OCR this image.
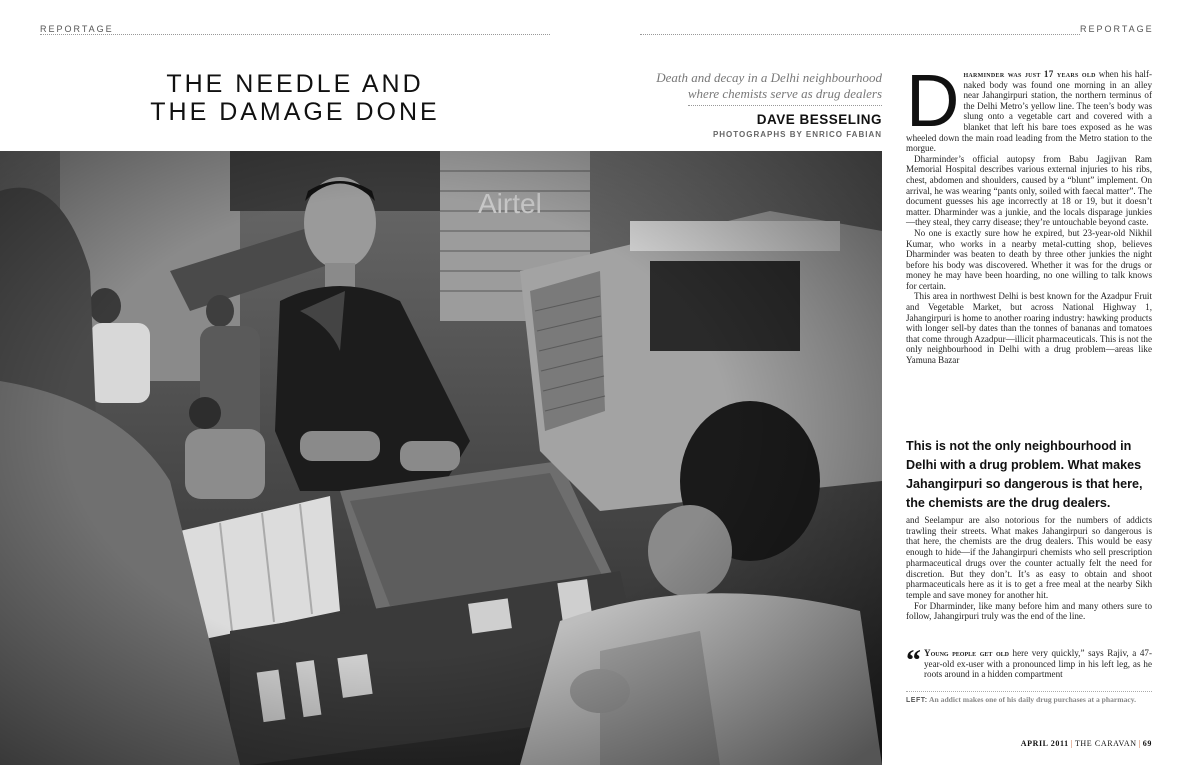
REPORTAGE	REPORTAGE
THE NEEDLE AND
THE DAMAGE DONE
Death and decay in a Delhi neighbourhood
where chemists serve as drug dealers
DAVE BESSELING
PHOTOGRAPHS BY ENRICO FABIAN Dharminder was just 17 years old when his half-naked body was found one morning in an alley near Jahangirpuri station, the northern terminus of the Delhi Metro’s yellow line. The teen’s body was slung onto a vegetable cart and covered with a blanket that left his bare toes exposed as he was wheeled down the main road leading from the Metro station to the morgue.

Dharminder’s official autopsy from Babu Jagjivan Ram Memorial Hospital describes various external injuries to his ribs, chest, abdomen and shoulders, caused by a “blunt” implement. On arrival, he was wearing “pants only, soiled with faecal matter”. The document guesses his age incorrectly at 18 or 19, but it doesn’t matter. Dharminder was a junkie, and the locals disparage junkies—they steal, they carry disease; they’re untouchable beyond caste.

No one is exactly sure how he expired, but 23-year-old Nikhil Kumar, who works in a nearby metal-cutting shop, believes Dharminder was beaten to death by three other junkies the night before his body was discovered. Whether it was for the drugs or money he may have been hoarding, no one willing to talk knows for certain.

This area in northwest Delhi is best known for the Azadpur Fruit and Vegetable Market, but across National Highway 1, Jahangirpuri is home to another roaring industry: hawking products with longer sell-by dates than the tonnes of bananas and tomatoes that come through Azadpur—illicit pharmaceuticals. This is not the only neighbourhood in Delhi with a drug problem—areas like Yamuna Bazar

This is not the only neighbourhood in Delhi with a drug problem. What makes Jahangirpuri so dangerous is that here, the chemists are the drug dealers.

and Seelampur are also notorious for the numbers of addicts trawling their streets. What makes Jahangirpuri so dangerous is that here, the chemists are the drug dealers. This would be easy enough to hide—if the Jahangirpuri chemists who sell prescription pharmaceutical drugs over the counter actually felt the need for discretion. But they don’t. It’s as easy to obtain and shoot pharmaceuticals here as it is to get a free meal at the nearby Sikh temple and save money for another hit.

For Dharminder, like many before him and many others sure to follow, Jahangirpuri truly was the end of the line.

“ Young people get old here very quickly,” says Rajiv, a 47-year-old ex-user with a pronounced limp in his left leg, as he roots around in a hidden compartment
LEFT: An addict makes one of his daily drug purchases at a pharmacy.
APRIL 2011 | THE CARAVAN | 69
